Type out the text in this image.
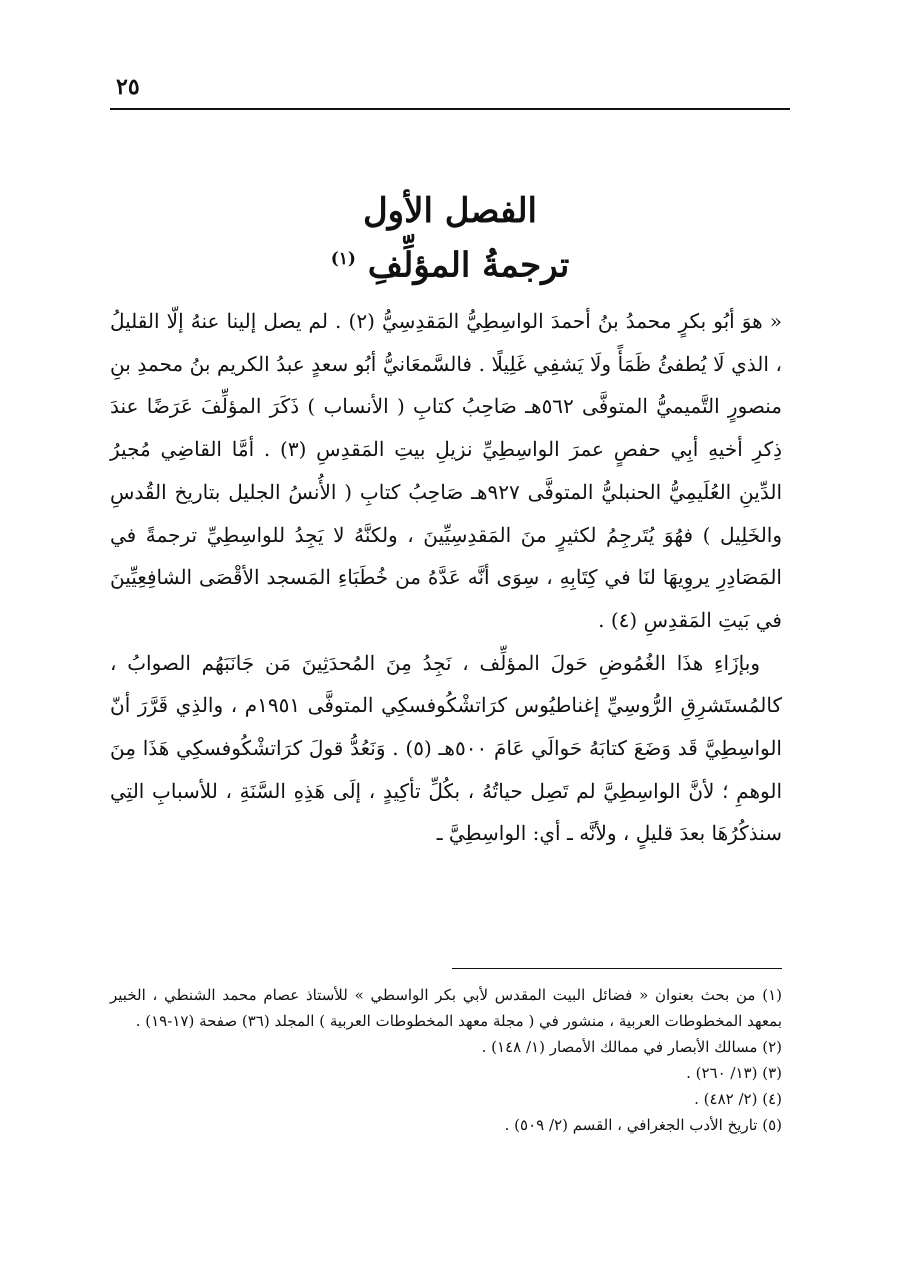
٢٥
الفصل الأول
ترجمةُ المؤلِّفِ $^{(١)}$

« هوَ أبُو بكرٍ محمدُ بنُ أحمدَ الواسِطِيُّ المَقدِسِيُّ (٢) . لم يصل إلينا عنهُ إلّا القليلُ ، الذي لَا يُطفئُ ظَمَأً ولَا يَشفِي غَلِيلًا . فالسَّمعَانيُّ أبُو سعدٍ عبدُ الكريم بنُ محمدِ بنِ منصورٍ التَّميميُّ المتوفَّى ٥٦٢هـ صَاحِبُ كتابِ ( الأنساب ) ذَكَرَ المؤلِّفَ عَرَضًا عندَ ذِكرِ أخيهِ أبِي حفصٍ عمرَ الواسِطِيِّ نزيلِ بيتِ المَقدِسِ (٣) . أمَّا القاضِي مُجيرُ الدِّينِ العُلَيمِيُّ الحنبليُّ المتوفَّى ٩٢٧هـ صَاحِبُ كتابِ ( الأُنسُ الجليل بتاريخ القُدسِ والخَلِيل ) فهُوَ يُتَرجِمُ لكثيرٍ منَ المَقدِسِيِّينَ ، ولكنَّهُ لا يَجِدُ للواسِطِيِّ ترجمةً في المَصَادِرِ يروِيهَا لنَا في كِتَابِهِ ، سِوَى أنَّه عَدَّهُ من خُطَبَاءِ المَسجد الأقْصَى الشافِعِيِّينَ في بَيتِ المَقدِسِ (٤) .

وبإزَاءِ هذَا الغُمُوضِ حَولَ المؤلِّف ، نَجِدُ مِنَ المُحدَثِينَ مَن جَانَبَهُم الصوابُ ، كالمُستَشرِقِ الرُّوسِيِّ إغناطيُوس كرَاتشْكُوفسكِي المتوفَّى ١٩٥١م ، والذِي قَرَّرَ أنّ الواسِطِيَّ قَد وَضَعَ كتابَهُ حَوالَي عَامَ ٥٠٠هـ (٥) . وَنَعُدُّ قولَ كرَاتشْكُوفسكِي هَذَا مِنَ الوهمِ ؛ لأنَّ الواسِطِيَّ لم تَصِل حياتُهُ ، بكُلِّ تأكِيدٍ ، إلَى هَذِهِ السَّنَةِ ، للأسبابِ التِي سنذكُرُهَا بعدَ قليلٍ ، ولأنَّه ـ أي: الواسِطِيَّ ـ

(١) من بحث بعنوان « فضائل البيت المقدس لأبي بكر الواسطي » للأستاذ عصام محمد الشنطي ، الخبير بمعهد المخطوطات العربية ، منشور في ( مجلة معهد المخطوطات العربية ) المجلد (٣٦) صفحة (١٧-١٩) .
(٢) مسالك الأبصار في ممالك الأمصار (١/ ١٤٨) .
(٣) (١٣/ ٢٦٠) .
(٤) (٢/ ٤٨٢) .
(٥) تاريخ الأدب الجغرافي ، القسم (٢/ ٥٠٩) .
